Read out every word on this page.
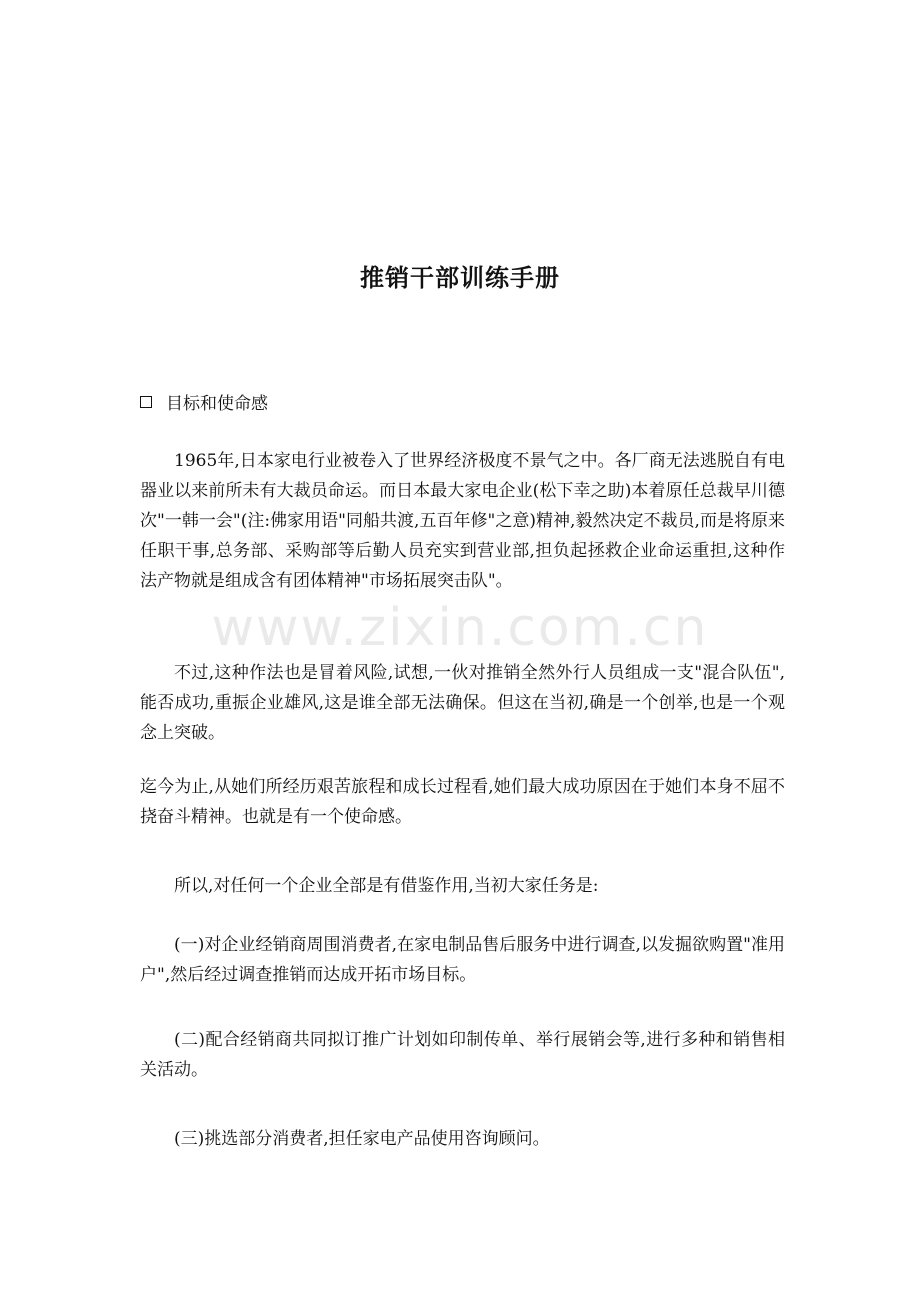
推销干部训练手册
目标和使命感

1965年,日本家电行业被卷入了世界经济极度不景气之中。各厂商无法逃脱自有电器业以来前所未有大裁员命运。而日本最大家电企业(松下幸之助)本着原任总裁早川德次"一韩一会"(注:佛家用语"同船共渡,五百年修"之意)精神,毅然决定不裁员,而是将原来任职干事,总务部、采购部等后勤人员充实到营业部,担负起拯救企业命运重担,这种作法产物就是组成含有团体精神"市场拓展突击队"。

不过,这种作法也是冒着风险,试想,一伙对推销全然外行人员组成一支"混合队伍",能否成功,重振企业雄风,这是谁全部无法确保。但这在当初,确是一个创举,也是一个观念上突破。

迄今为止,从她们所经历艰苦旅程和成长过程看,她们最大成功原因在于她们本身不屈不挠奋斗精神。也就是有一个使命感。

所以,对任何一个企业全部是有借鉴作用,当初大家任务是:

(一)对企业经销商周围消费者,在家电制品售后服务中进行调查,以发掘欲购置"准用户",然后经过调查推销而达成开拓市场目标。

(二)配合经销商共同拟订推广计划如印制传单、举行展销会等,进行多种和销售相关活动。

(三)挑选部分消费者,担任家电产品使用咨询顾问。

www.zixin.com.cn
